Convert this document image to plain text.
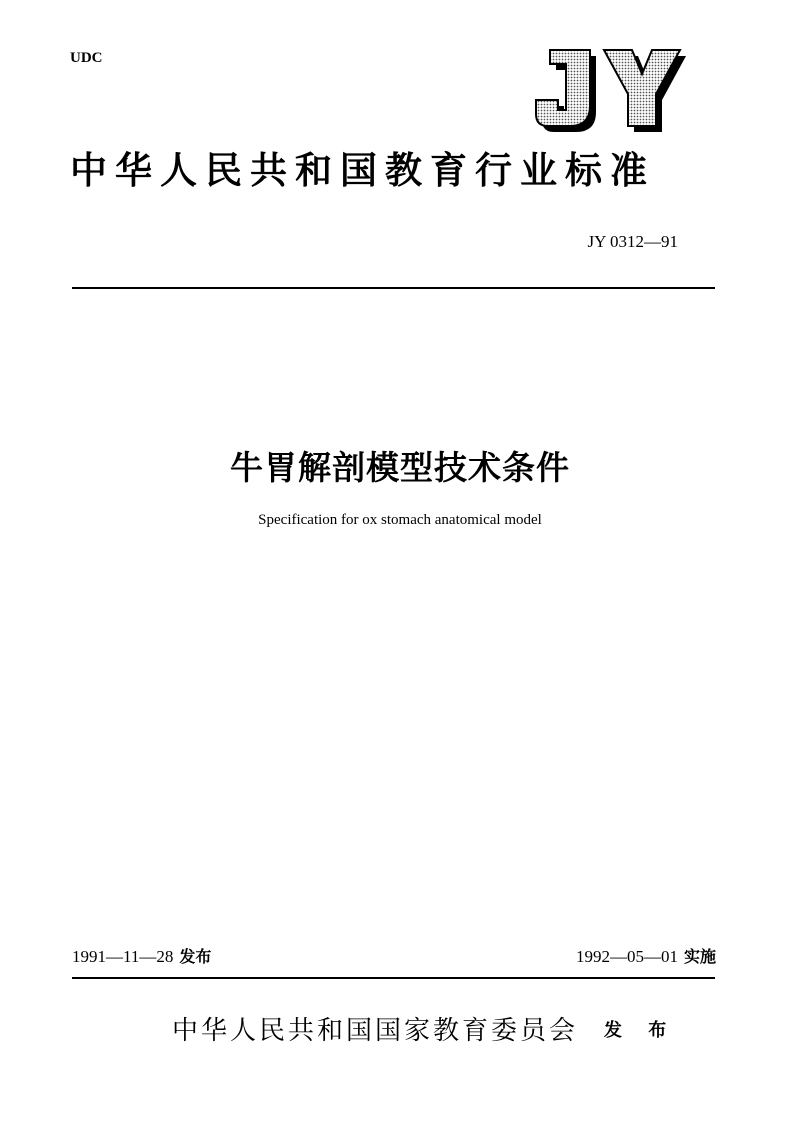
UDC
中华人民共和国教育行业标准
JY 0312—91
牛胃解剖模型技术条件
Specification for ox stomach anatomical model
1991—11—28 发布	1992—05—01 实施
中华人民共和国国家教育委员会 发 布
